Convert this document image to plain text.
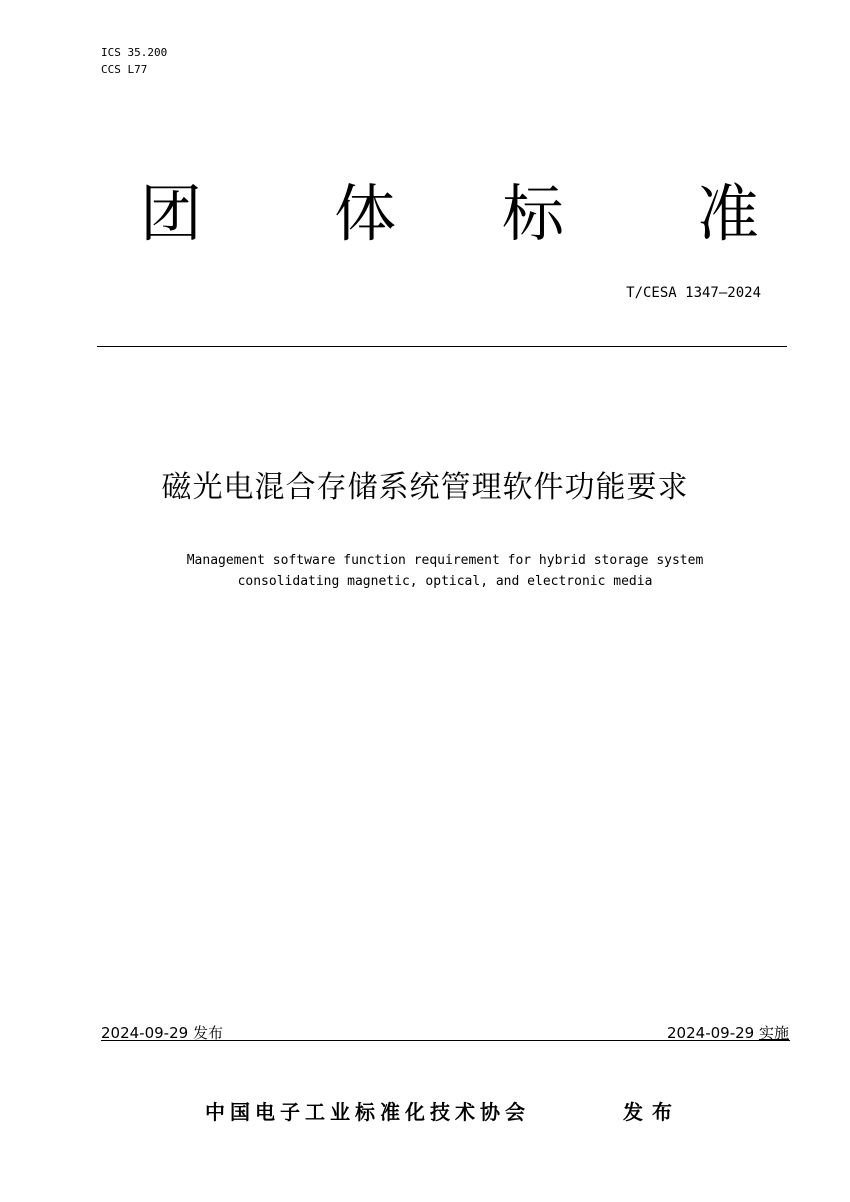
ICS 35.200
CCS L77
团 体 标 准
T/CESA 1347—2024
磁光电混合存储系统管理软件功能要求
Management software function requirement for hybrid storage system
consolidating magnetic, optical, and electronic media
2024-09-29 发布	2024-09-29 实施
中国电子工业标准化技术协会	发布
